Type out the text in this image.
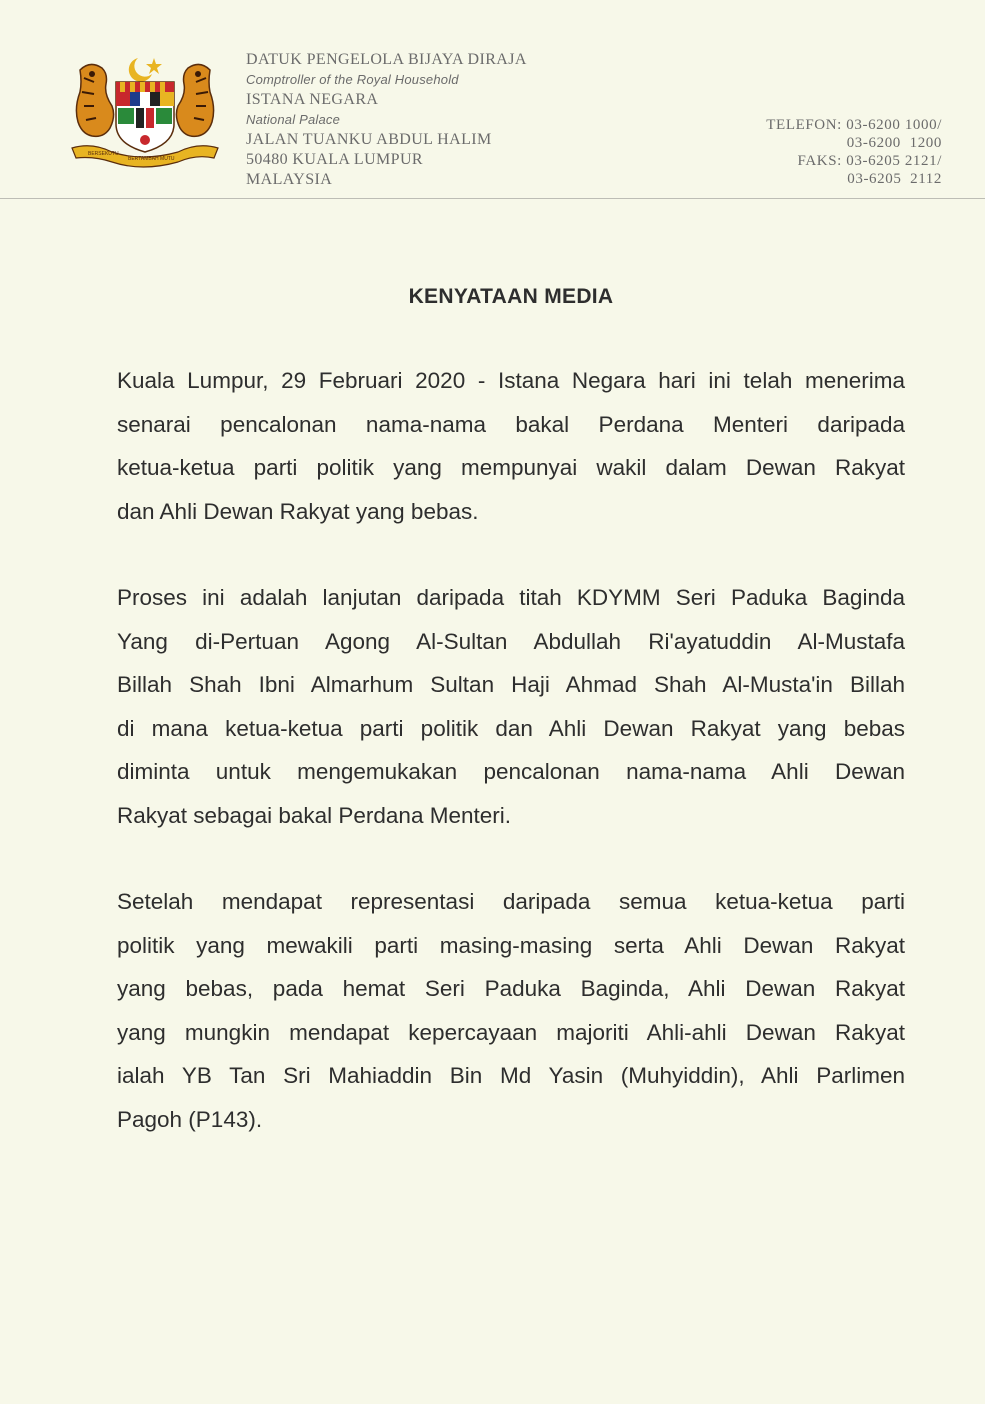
BERSEKUTU
BERTAMBAH MUTU
DATUK PENGELOLA BIJAYA DIRAJA
Comptroller of the Royal Household
ISTANA NEGARA
National Palace
JALAN TUANKU ABDUL HALIM
50480 KUALA LUMPUR
MALAYSIA
TELEFON: 03-6200 1000/
03-6200  1200
FAKS: 03-6205 2121/
03-6205  2112
KENYATAAN MEDIA
Kuala Lumpur, 29 Februari 2020 - Istana Negara hari ini telah menerima
senarai pencalonan nama-nama bakal Perdana Menteri daripada
ketua-ketua parti politik yang mempunyai wakil dalam Dewan Rakyat
dan Ahli Dewan Rakyat yang bebas.
Proses ini adalah lanjutan daripada titah KDYMM Seri Paduka Baginda
Yang di-Pertuan Agong Al-Sultan Abdullah Ri'ayatuddin Al-Mustafa
Billah Shah Ibni Almarhum Sultan Haji Ahmad Shah Al-Musta'in Billah
di mana ketua-ketua parti politik dan Ahli Dewan Rakyat yang bebas
diminta untuk mengemukakan pencalonan nama-nama Ahli Dewan
Rakyat sebagai bakal Perdana Menteri.
Setelah mendapat representasi daripada semua ketua-ketua parti
politik yang mewakili parti masing-masing serta Ahli Dewan Rakyat
yang bebas, pada hemat Seri Paduka Baginda, Ahli Dewan Rakyat
yang mungkin mendapat kepercayaan majoriti Ahli-ahli Dewan Rakyat
ialah YB Tan Sri Mahiaddin Bin Md Yasin (Muhyiddin), Ahli Parlimen
Pagoh (P143).
